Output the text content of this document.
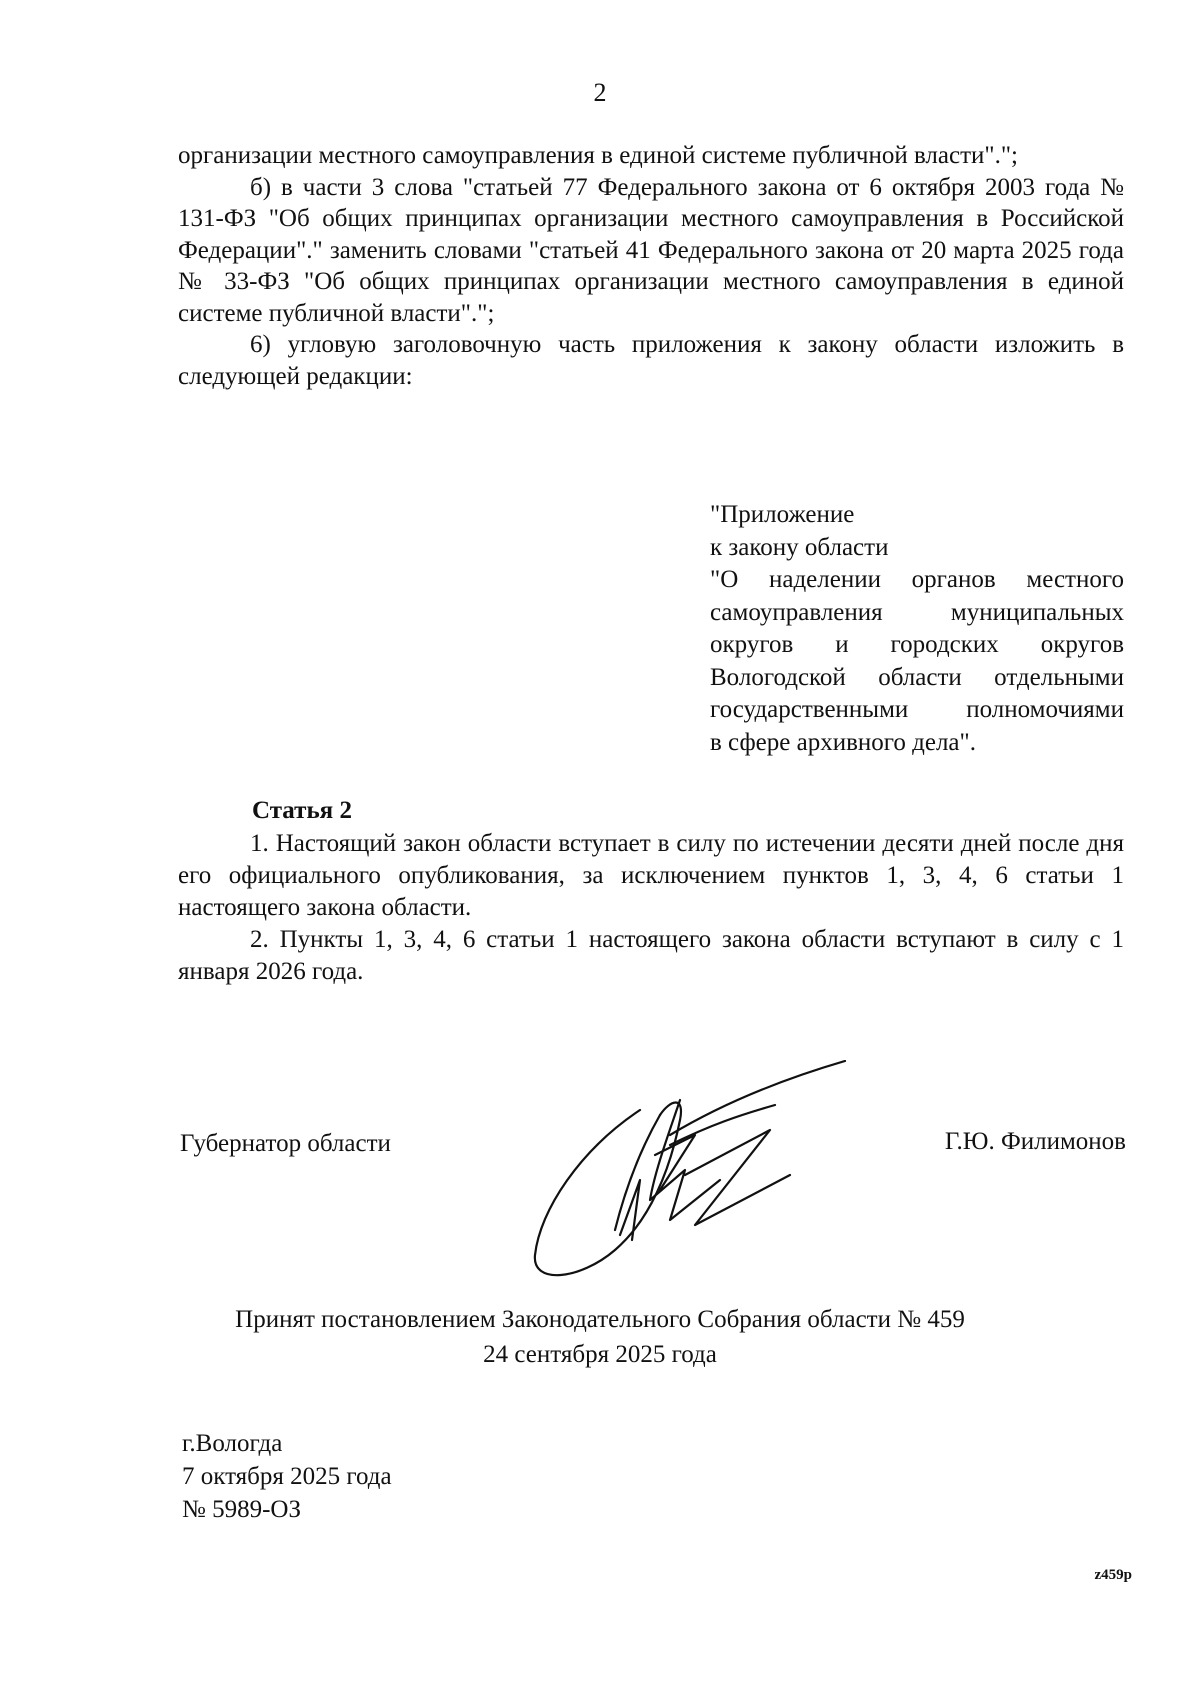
2

организации местного самоуправления в единой системе публичной власти".";

б) в части 3 слова "статьей 77 Федерального закона от 6 октября 2003 года № 131-ФЗ "Об общих принципах организации местного самоуправления в Российской Федерации"." заменить словами "статьей 41 Федерального закона от 20 марта 2025 года № 33-ФЗ "Об общих принципах организации местного самоуправления в единой системе публичной власти".";

6) угловую заголовочную часть приложения к закону области изложить в следующей редакции:

"Приложение
к закону области
"О наделении органов местного
самоуправления муниципальных
округов и городских округов
Вологодской области отдельными
государственными полномочиями
в сфере архивного дела".
Статья 2

1. Настоящий закон области вступает в силу по истечении десяти дней после дня его официального опубликования, за исключением пунктов 1, 3, 4, 6 статьи 1 настоящего закона области.

2. Пункты 1, 3, 4, 6 статьи 1 настоящего закона области вступают в силу с 1 января 2026 года.

Губернатор области	Г.Ю. Филимонов
Принят постановлением Законодательного Собрания области № 459
24 сентября 2025 года
г.Вологда
7 октября 2025 года
№ 5989-ОЗ
z459p
